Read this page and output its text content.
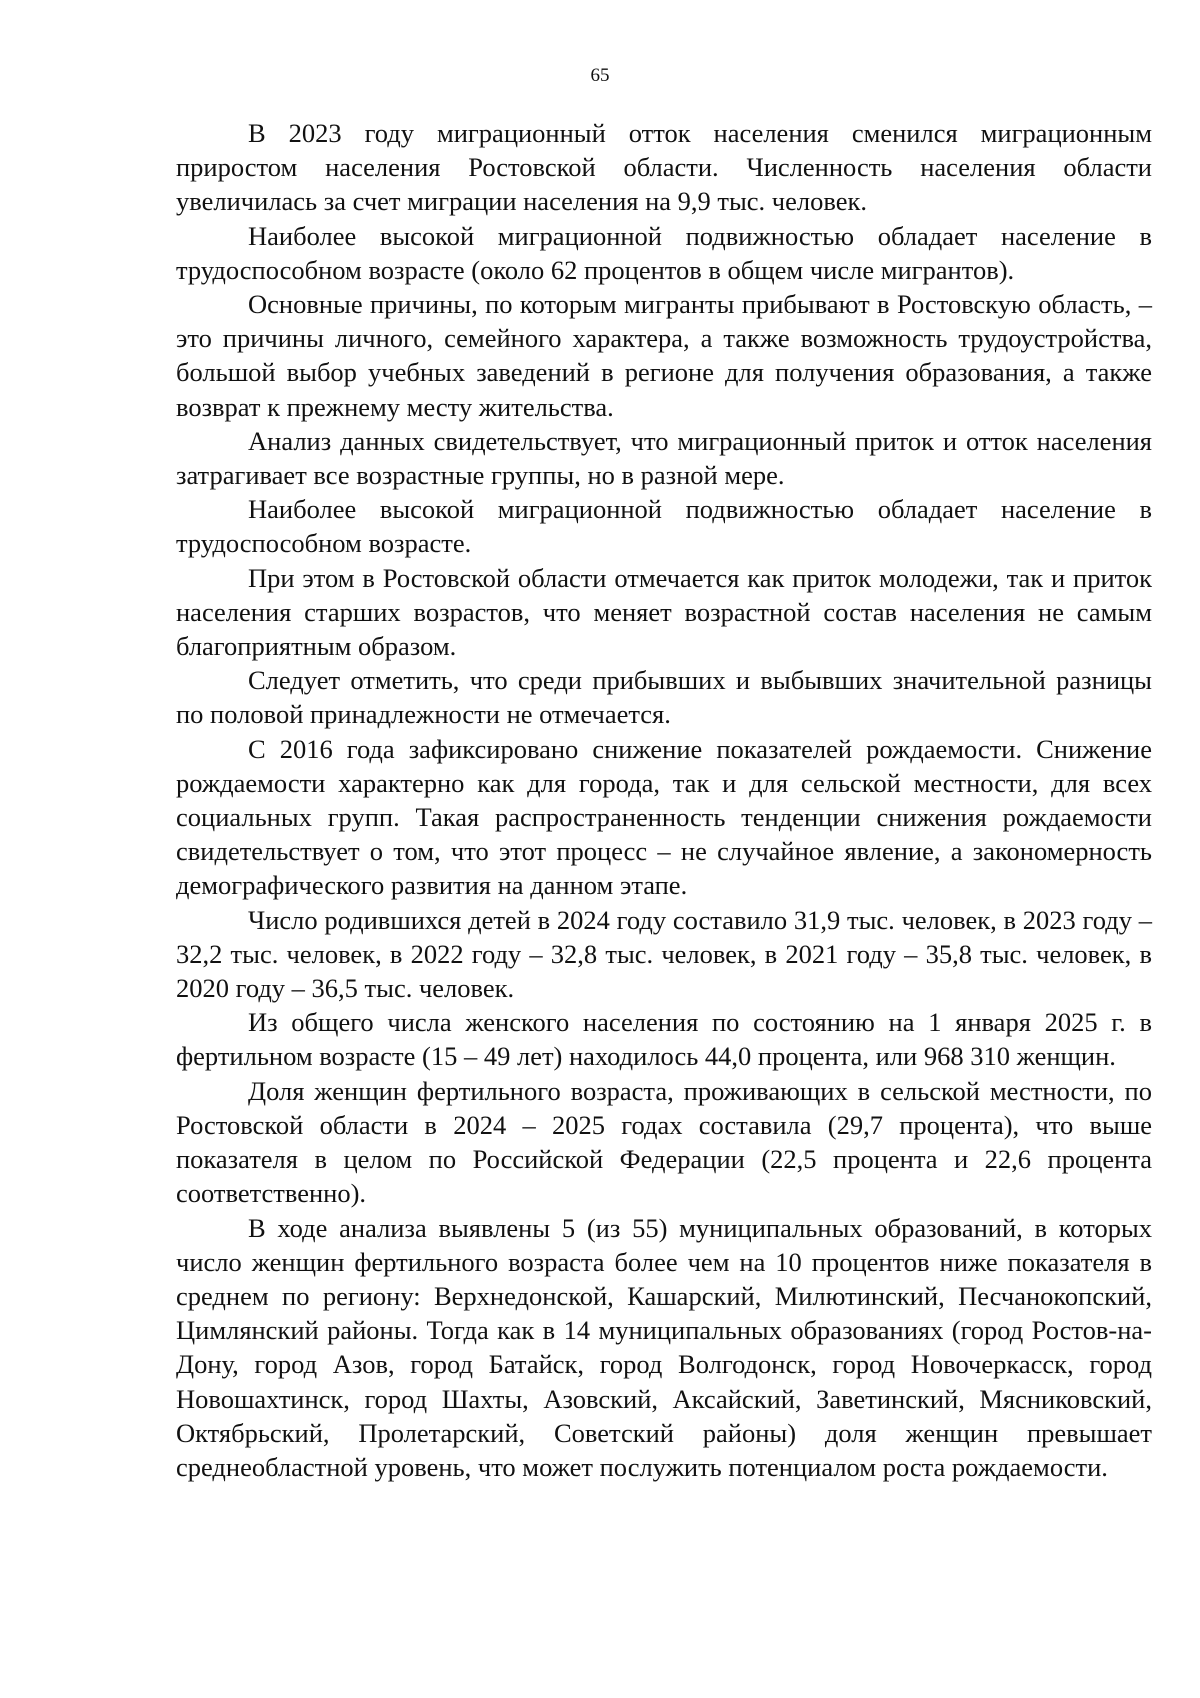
65

В 2023 году миграционный отток населения сменился миграционным приростом населения Ростовской области. Численность населения области увеличилась за счет миграции населения на 9,9 тыс. человек.

Наиболее высокой миграционной подвижностью обладает население в трудоспособном возрасте (около 62 процентов в общем числе мигрантов).

Основные причины, по которым мигранты прибывают в Ростовскую область, – это причины личного, семейного характера, а также возможность трудоустройства, большой выбор учебных заведений в регионе для получения образования, а также возврат к прежнему месту жительства.

Анализ данных свидетельствует, что миграционный приток и отток населения затрагивает все возрастные группы, но в разной мере.

Наиболее высокой миграционной подвижностью обладает население в трудоспособном возрасте.

При этом в Ростовской области отмечается как приток молодежи, так и приток населения старших возрастов, что меняет возрастной состав населения не самым благоприятным образом.

Следует отметить, что среди прибывших и выбывших значительной разницы по половой принадлежности не отмечается.

С 2016 года зафиксировано снижение показателей рождаемости. Снижение рождаемости характерно как для города, так и для сельской местности, для всех социальных групп. Такая распространенность тенденции снижения рождаемости свидетельствует о том, что этот процесс – не случайное явление, а закономерность демографического развития на данном этапе.

Число родившихся детей в 2024 году составило 31,9 тыс. человек, в 2023 году – 32,2 тыс. человек, в 2022 году – 32,8 тыс. человек, в 2021 году – 35,8 тыс. человек, в 2020 году – 36,5 тыс. человек.

Из общего числа женского населения по состоянию на 1 января 2025 г. в фертильном возрасте (15 – 49 лет) находилось 44,0 процента, или 968 310 женщин.

Доля женщин фертильного возраста, проживающих в сельской местности, по Ростовской области в 2024 – 2025 годах составила (29,7 процента), что выше показателя в целом по Российской Федерации (22,5 процента и 22,6 процента соответственно).

В ходе анализа выявлены 5 (из 55) муниципальных образований, в которых число женщин фертильного возраста более чем на 10 процентов ниже показателя в среднем по региону: Верхнедонской, Кашарский, Милютинский, Песчанокопский, Цимлянский районы. Тогда как в 14 муниципальных образованиях (город Ростов-на-Дону, город Азов, город Батайск, город Волгодонск, город Новочеркасск, город Новошахтинск, город Шахты, Азовский, Аксайский, Заветинский, Мясниковский, Октябрьский, Пролетарский, Советский районы) доля женщин превышает среднеобластной уровень, что может послужить потенциалом роста рождаемости.
